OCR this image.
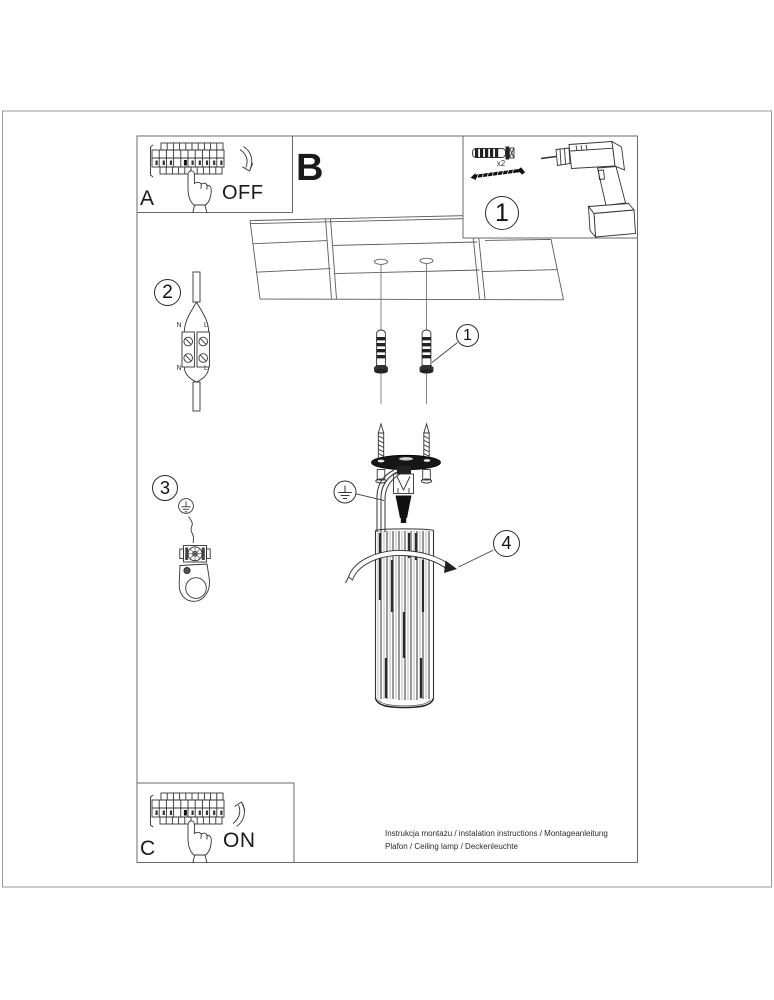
A	OFF
B	x2
1
2
1
3
4
N	L
N	L
C	ON	Instrukcja montażu / instalation instructions / Montageanleitung
Plafon / Ceiling lamp / Deckenleuchte
